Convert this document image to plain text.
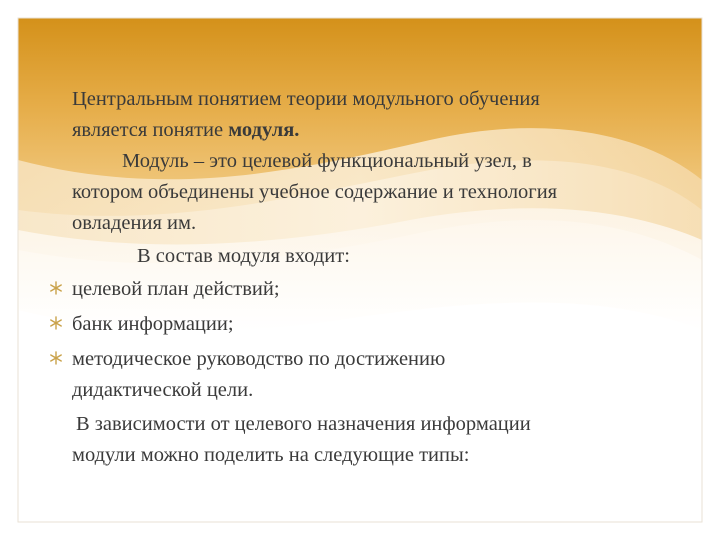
Центральным понятием теории модульного обучения
является понятие модуля.
Модуль – это целевой функциональный узел, в
котором объединены учебное содержание и технология
овладения им.
В состав модуля входит:
целевой план действий;
банк информации;
методическое руководство по достижению
дидактической цели.
В зависимости от целевого назначения информации
модули можно поделить на следующие типы:
